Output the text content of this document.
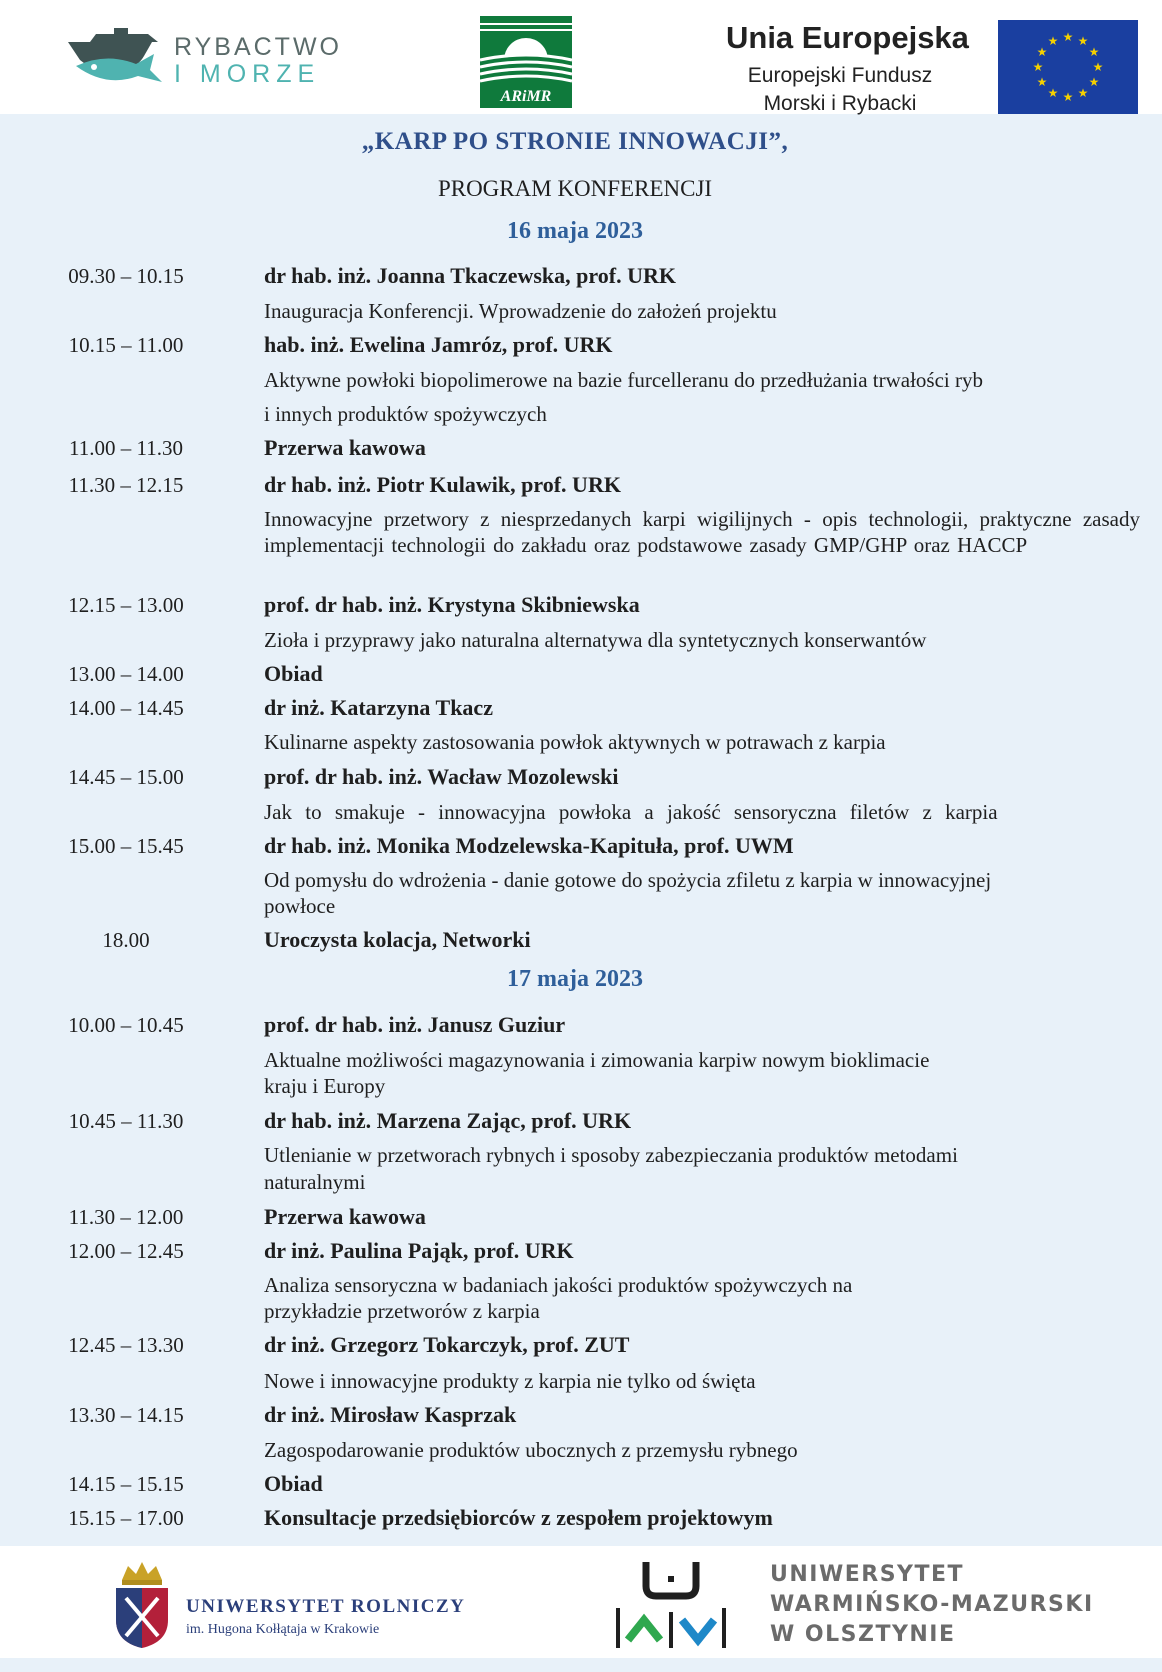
RYBACTWO
I MORZE
ARiMR
Unia Europejska
Europejski Fundusz
Morski i Rybacki
★
★
★
★
★
★
★
★
★ ★ ★
★
„KARP PO STRONIE INNOWACJI”,
PROGRAM KONFERENCJI
16 maja 2023
09.30 – 10.15	dr hab. inż. Joanna Tkaczewska, prof. URK
Inauguracja Konferencji. Wprowadzenie do założeń projektu
10.15 – 11.00	hab. inż. Ewelina Jamróz, prof. URK
Aktywne powłoki biopolimerowe na bazie furcelleranu do przedłużania trwałości ryb
i innych produktów spożywczych
11.00 – 11.30	Przerwa kawowa
11.30 – 12.15	dr hab. inż. Piotr Kulawik, prof. URK
Innowacyjne przetwory z niesprzedanych karpi wigilijnych - opis technologii, praktyczne zasady implementacji technologii do zakładu oraz podstawowe zasady GMP/GHP oraz HACCP
12.15 – 13.00	prof. dr hab. inż. Krystyna Skibniewska
Zioła i przyprawy jako naturalna alternatywa dla syntetycznych konserwantów
13.00 – 14.00	Obiad
14.00 – 14.45	dr inż. Katarzyna Tkacz
Kulinarne aspekty zastosowania powłok aktywnych w potrawach z karpia
14.45 – 15.00	prof. dr hab. inż. Wacław Mozolewski
Jak to smakuje - innowacyjna powłoka a jakość sensoryczna filetów z karpia
15.00 – 15.45	dr hab. inż. Monika Modzelewska-Kapituła, prof. UWM
Od pomysłu do wdrożenia - danie gotowe do spożycia zfiletu z karpia w innowacyjnej
powłoce
18.00	Uroczysta kolacja, Networki
17 maja 2023
10.00 – 10.45	prof. dr hab. inż. Janusz Guziur
Aktualne możliwości magazynowania i zimowania karpiw nowym bioklimacie
kraju i Europy
10.45 – 11.30	dr hab. inż. Marzena Zając, prof. URK
Utlenianie w przetworach rybnych i sposoby zabezpieczania produktów metodami
naturalnymi
11.30 – 12.00	Przerwa kawowa
12.00 – 12.45	dr inż. Paulina Pająk, prof. URK
Analiza sensoryczna w badaniach jakości produktów spożywczych na
przykładzie przetworów z karpia
12.45 – 13.30	dr inż. Grzegorz Tokarczyk, prof. ZUT
Nowe i innowacyjne produkty z karpia nie tylko od święta
13.30 – 14.15	dr inż. Mirosław Kasprzak
Zagospodarowanie produktów ubocznych z przemysłu rybnego
14.15 – 15.15	Obiad
15.15 – 17.00	Konsultacje przedsiębiorców z zespołem projektowym
UNIWERSYTET ROLNICZY
im. Hugona Kołłątaja w Krakowie
UNIWERSYTET
WARMIŃSKO-MAZURSKI
W OLSZTYNIE
